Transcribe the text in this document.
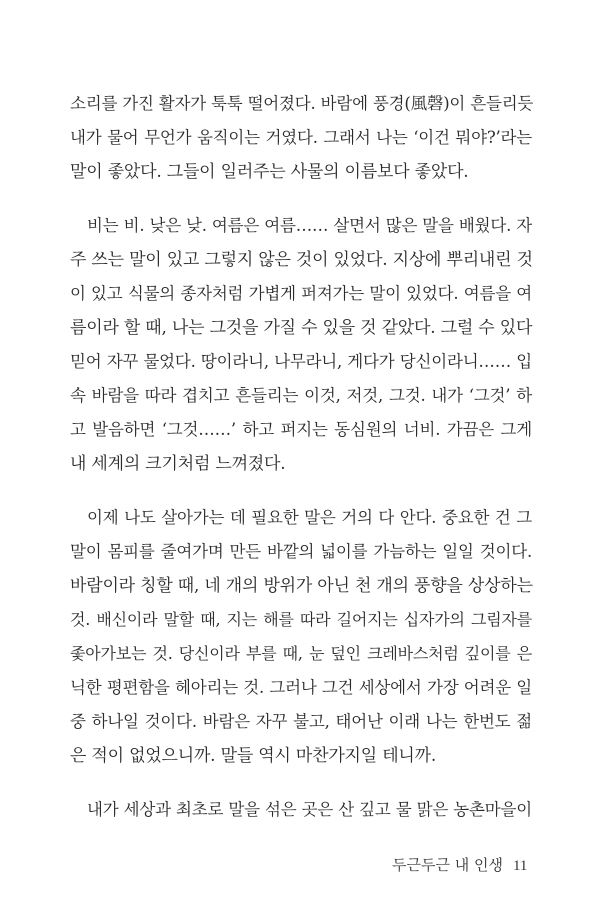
소리를 가진 활자가 툭툭 떨어졌다. 바람에 풍경(風磬)이 흔들리듯
내가 물어 무언가 움직이는 거였다. 그래서 나는 ‘이건 뭐야?’라는
말이 좋았다. 그들이 일러주는 사물의 이름보다 좋았다.
비는 비. 낮은 낮. 여름은 여름…… 살면서 많은 말을 배웠다. 자
주 쓰는 말이 있고 그렇지 않은 것이 있었다. 지상에 뿌리내린 것
이 있고 식물의 종자처럼 가볍게 퍼져가는 말이 있었다. 여름을 여
름이라 할 때, 나는 그것을 가질 수 있을 것 같았다. 그럴 수 있다
믿어 자꾸 물었다. 땅이라니, 나무라니, 게다가 당신이라니…… 입
속 바람을 따라 겹치고 흔들리는 이것, 저것, 그것. 내가 ‘그것’ 하
고 발음하면 ‘그것……’ 하고 퍼지는 동심원의 너비. 가끔은 그게
내 세계의 크기처럼 느껴졌다.
이제 나도 살아가는 데 필요한 말은 거의 다 안다. 중요한 건 그
말이 몸피를 줄여가며 만든 바깥의 넓이를 가늠하는 일일 것이다.
바람이라 칭할 때, 네 개의 방위가 아닌 천 개의 풍향을 상상하는
것. 배신이라 말할 때, 지는 해를 따라 길어지는 십자가의 그림자를
좇아가보는 것. 당신이라 부를 때, 눈 덮인 크레바스처럼 깊이를 은
닉한 평편함을 헤아리는 것. 그러나 그건 세상에서 가장 어려운 일
중 하나일 것이다. 바람은 자꾸 불고, 태어난 이래 나는 한번도 젊
은 적이 없었으니까. 말들 역시 마찬가지일 테니까.
내가 세상과 최초로 말을 섞은 곳은 산 깊고 물 맑은 농촌마을이
두근두근 내 인생 11
